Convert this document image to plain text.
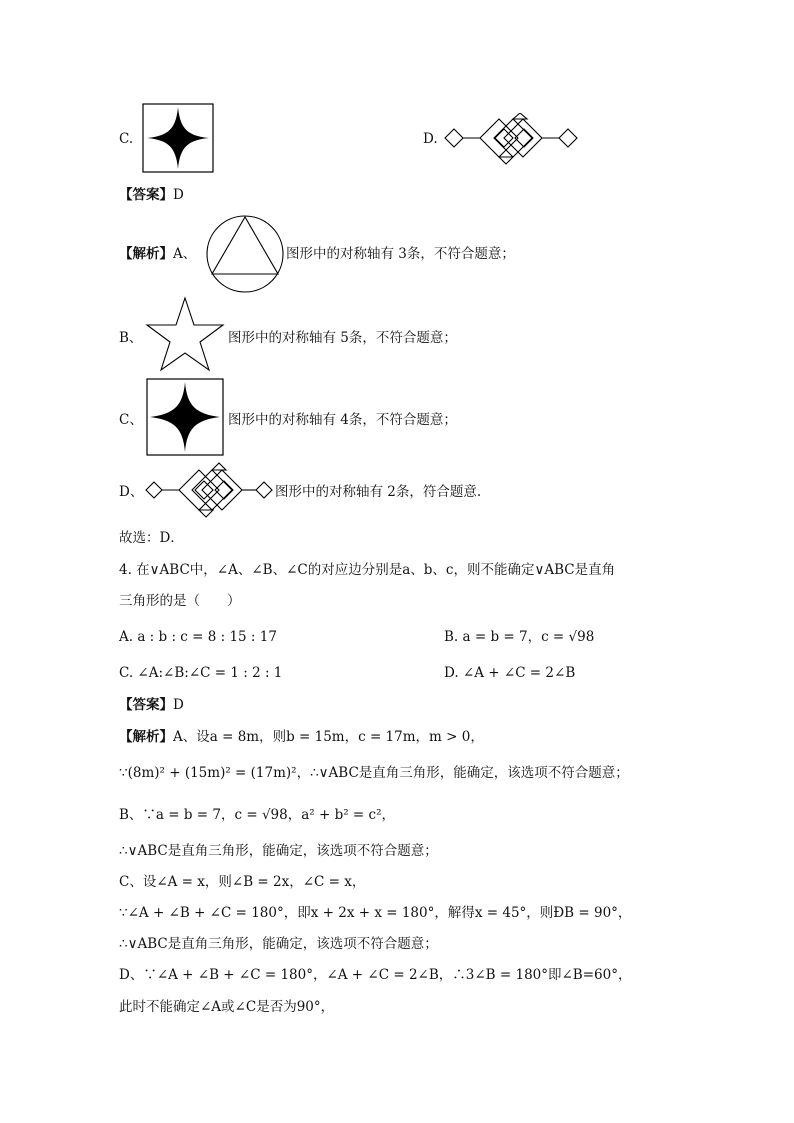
C.	D.
【答案】D
【解析】A、	图形中的对称轴有 3条，不符合题意；
B、	图形中的对称轴有 5条，不符合题意；
C、	图形中的对称轴有 4条，不符合题意；
D、	图形中的对称轴有 2条，符合题意.
故选：D．
4. 在∨ABC中，∠A、∠B、∠C的对应边分别是a、b、c，则不能确定∨ABC是直角
三角形的是（　　）
A. a : b : c = 8 : 15 : 17	B. a = b = 7，c = √98
C. ∠A:∠B:∠C = 1 : 2 : 1	D. ∠A + ∠C = 2∠B
【答案】D
【解析】A、设a = 8m，则b = 15m，c = 17m，m > 0，
∵(8m)² + (15m)² = (17m)²，∴∨ABC是直角三角形，能确定，该选项不符合题意；
B、∵a = b = 7，c = √98，a² + b² = c²，
∴∨ABC是直角三角形，能确定，该选项不符合题意；
C、设∠A = x，则∠B = 2x，∠C = x，
∵∠A + ∠B + ∠C = 180°，即x + 2x + x = 180°，解得x = 45°，则ÐB = 90°，
∴∨ABC是直角三角形，能确定，该选项不符合题意；
D、∵∠A + ∠B + ∠C = 180°，∠A + ∠C = 2∠B，∴3∠B = 180°即∠B=60°，
此时不能确定∠A或∠C是否为90°，
